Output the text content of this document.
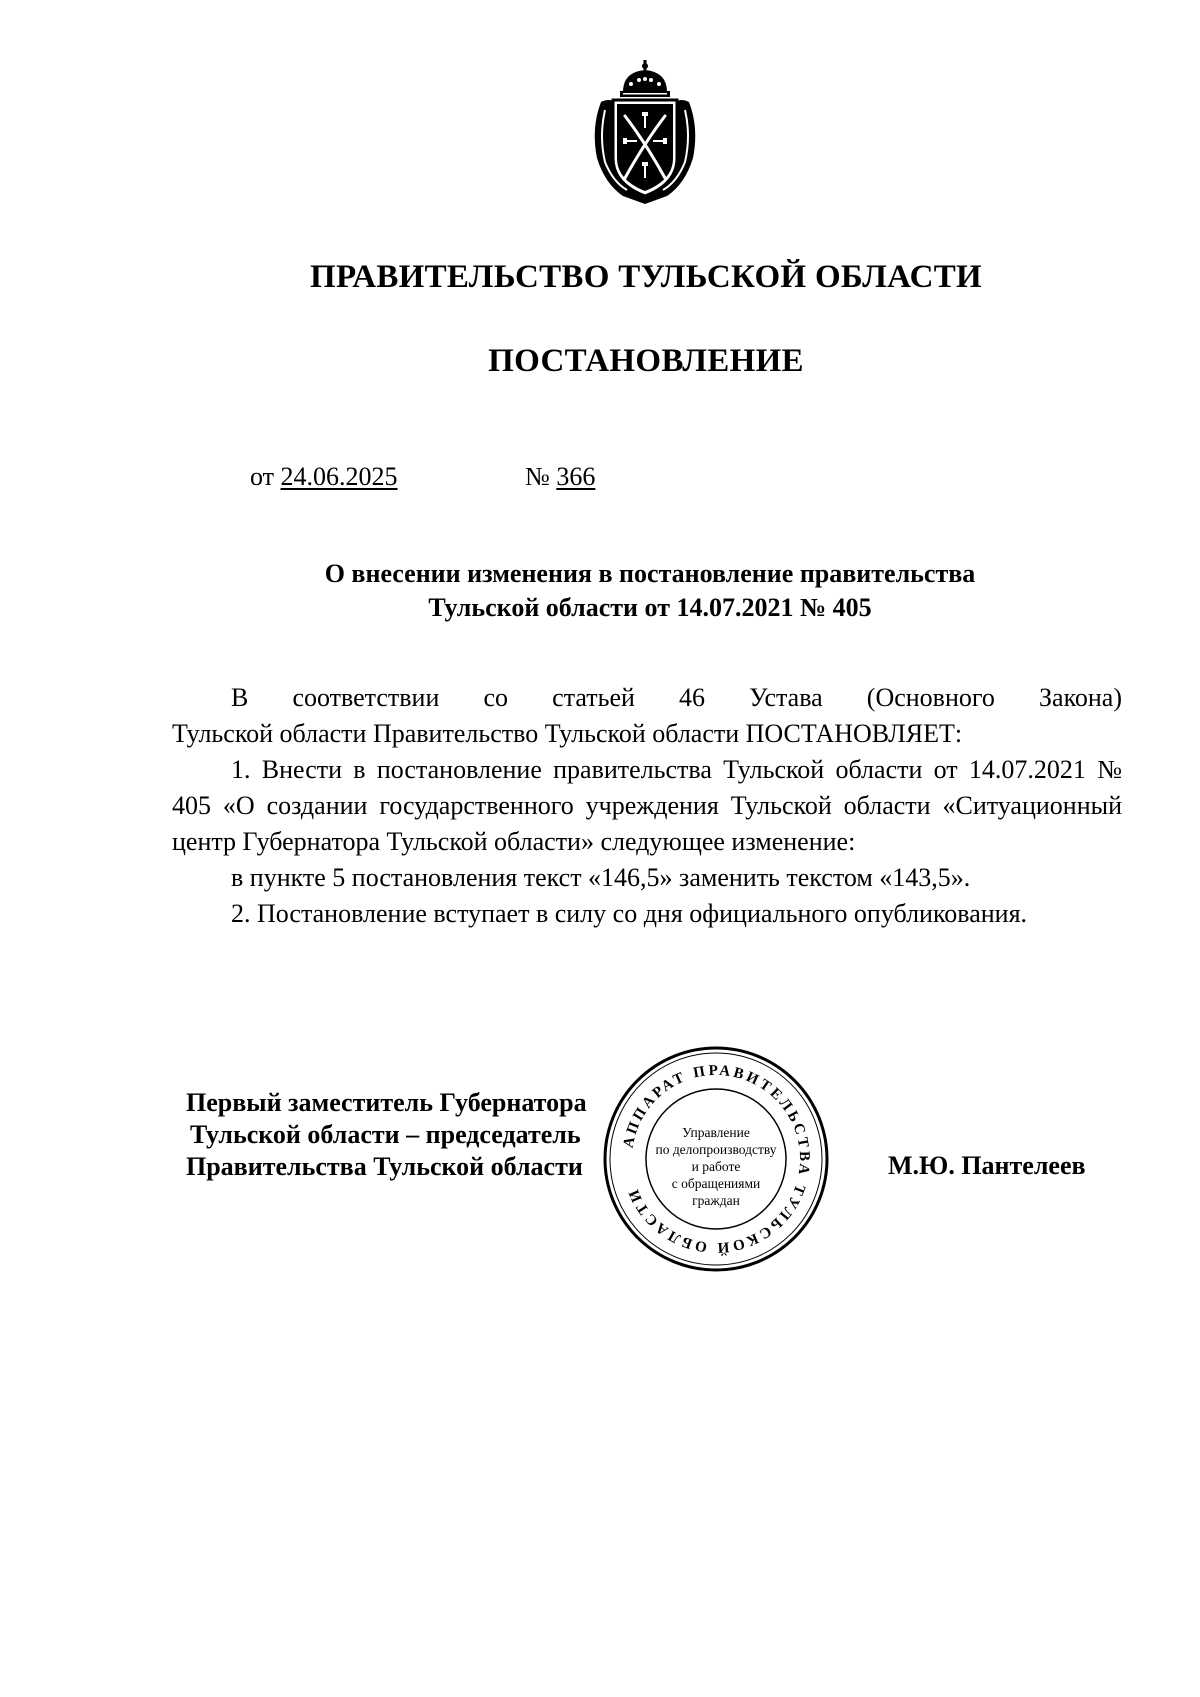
ПРАВИТЕЛЬСТВО ТУЛЬСКОЙ ОБЛАСТИ
ПОСТАНОВЛЕНИЕ
от 24.06.2025	№ 366
О внесении изменения в постановление правительства
Тульской области от 14.07.2021 № 405

В соответствии со статьей 46 Устава (Основного Закона)

Тульской области Правительство Тульской области ПОСТАНОВЛЯЕТ:

1. Внести в постановление правительства Тульской области от 14.07.2021 № 405 «О создании государственного учреждения Тульской области «Ситуационный центр Губернатора Тульской области» следующее изменение:

в пункте 5 постановления текст «146,5» заменить текстом «143,5».

2. Постановление вступает в силу со дня официального опубликования.

Первый заместитель Губернатора
Тульской области – председатель
Правительства Тульской области	М.Ю. Пантелеев
АППАРАТ ПРАВИТЕЛЬСТВА ТУЛЬСКОЙ ОБЛАСТИ
Управление
по делопроизводству
и работе
с обращениями
граждан
